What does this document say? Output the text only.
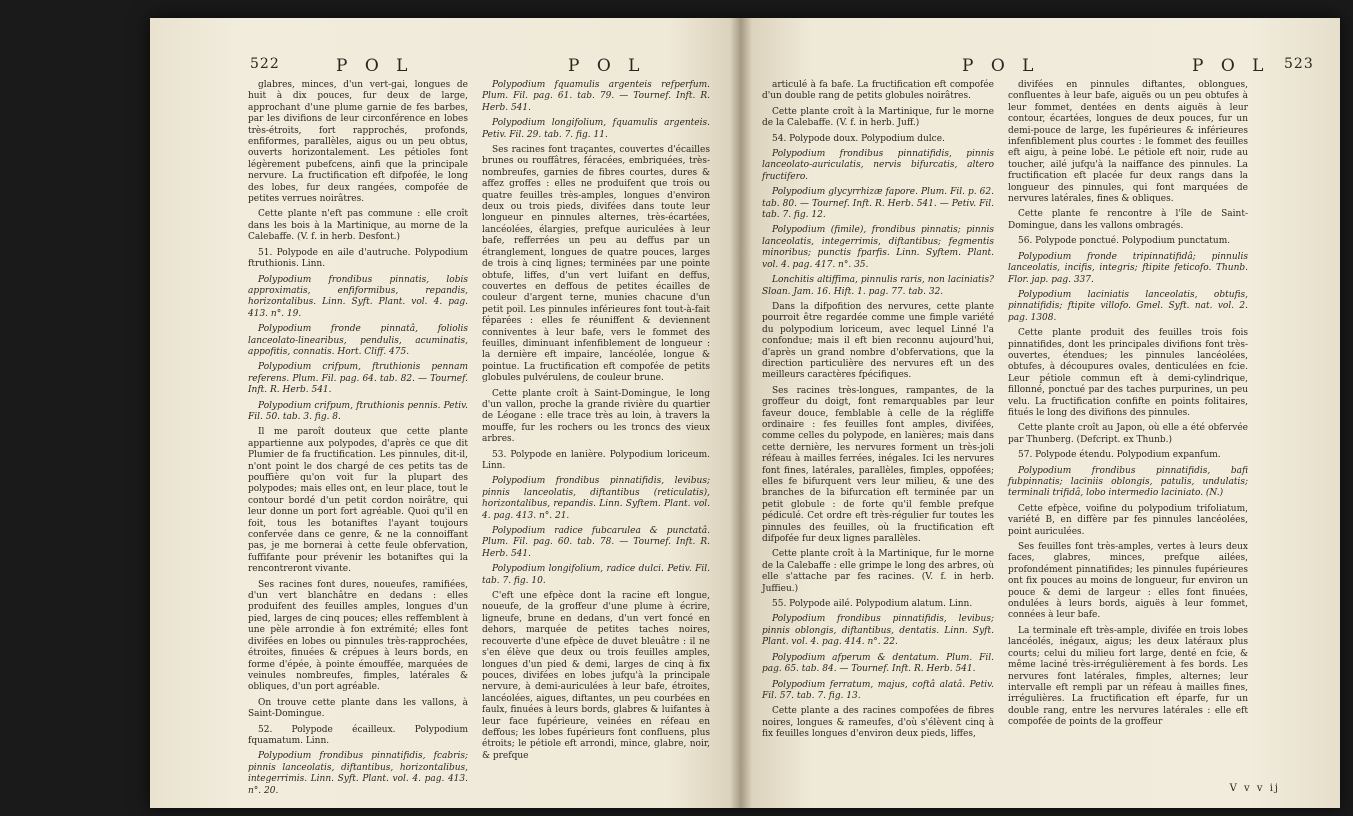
522	P O L	P O L

glabres, minces, d'un vert-gai, longues de huit à dix pouces, fur deux de large, approchant d'une plume garnie de fes barbes, par les divifions de leur circonférence en lobes très-étroits, fort rapprochés, profonds, enfiformes, parallèles, aigus ou un peu obtus, ouverts horizontalement. Les pétioles font légèrement pubefcens, ainfi que la principale nervure. La fructification eft difpofée, le long des lobes, fur deux rangées, compofée de petites verrues noirâtres.

Cette plante n'eft pas commune : elle croît dans les bois à la Martinique, au morne de la Calebaffe. (V. f. in herb. Desfont.)

51. Polypode en aile d'autruche. Polypodium ftruthionis. Linn.

Polypodium frondibus pinnatis, lobis approximatis, enfiformibus, repandis, horizontalibus. Linn. Syft. Plant. vol. 4. pag. 413. n°. 19.

Polypodium fronde pinnatâ, foliolis lanceolato-linearibus, pendulis, acuminatis, appofitis, connatis. Hort. Cliff. 475.

Polypodium crifpum, ftruthionis pennam referens. Plum. Fil. pag. 64. tab. 82. — Tournef. Inft. R. Herb. 541.

Polypodium crifpum, ftruthionis pennis. Petiv. Fil. 50. tab. 3. fig. 8.

Il me paroît douteux que cette plante appartienne aux polypodes, d'après ce que dit Plumier de fa fructification. Les pinnules, dit-il, n'ont point le dos chargé de ces petits tas de pouffière qu'on voit fur la plupart des polypodes; mais elles ont, en leur place, tout le contour bordé d'un petit cordon noirâtre, qui leur donne un port fort agréable. Quoi qu'il en foit, tous les botaniftes l'ayant toujours confervée dans ce genre, & ne la connoiffant pas, je me bornerai à cette feule obfervation, fuffifante pour prévenir les botaniftes qui la rencontreront vivante.

Ses racines font dures, noueufes, ramifiées, d'un vert blanchâtre en dedans : elles produifent des feuilles amples, longues d'un pied, larges de cinq pouces; elles reffemblent à une pèle arrondie à fon extrémité; elles font divifées en lobes ou pinnules très-rapprochées, étroites, finuées & crépues à leurs bords, en forme d'épée, à pointe émouffée, marquées de veinules nombreufes, fimples, latérales & obliques, d'un port agréable.

On trouve cette plante dans les vallons, à Saint-Domingue.

52. Polypode écailleux. Polypodium fquamatum. Linn.

Polypodium frondibus pinnatifidis, fcabris; pinnis lanceolatis, diftantibus, horizontalibus, integerrimis. Linn. Syft. Plant. vol. 4. pag. 413. n°. 20.

Polypodium fquamulis argenteis refperfum. Plum. Fil. pag. 61. tab. 79. — Tournef. Inft. R. Herb. 541.

Polypodium longifolium, fquamulis argenteis. Petiv. Fil. 29. tab. 7. fig. 11.

Ses racines font traçantes, couvertes d'écailles brunes ou rouffâtres, féracées, embriquées, très-nombreufes, garnies de fibres courtes, dures & affez groffes : elles ne produifent que trois ou quatre feuilles très-amples, longues d'environ deux ou trois pieds, divifées dans toute leur longueur en pinnules alternes, très-écartées, lancéolées, élargies, prefque auriculées à leur bafe, refferrées un peu au deffus par un étranglement, longues de quatre pouces, larges de trois à cinq lignes; terminées par une pointe obtufe, liffes, d'un vert luifant en deffus, couvertes en deffous de petites écailles de couleur d'argent terne, munies chacune d'un petit poil. Les pinnules inférieures font tout-à-fait féparées : elles fe réuniffent & deviennent conniventes à leur bafe, vers le fommet des feuilles, diminuant infenfiblement de longueur : la dernière eft impaire, lancéolée, longue & pointue. La fructification eft compofée de petits globules pulvérulens, de couleur brune.

Cette plante croît à Saint-Domingue, le long d'un vallon, proche la grande rivière du quartier de Léogane : elle trace très au loin, à travers la mouffe, fur les rochers ou les troncs des vieux arbres.

53. Polypode en lanière. Polypodium loriceum. Linn.

Polypodium frondibus pinnatifidis, levibus; pinnis lanceolatis, diftantibus (reticulatis), horizontalibus, repandis. Linn. Syftem. Plant. vol. 4. pag. 413. n°. 21.

Polypodium radice fubcarulea & punctatâ. Plum. Fil. pag. 60. tab. 78. — Tournef. Inft. R. Herb. 541.

Polypodium longifolium, radice dulci. Petiv. Fil. tab. 7. fig. 10.

C'eft une efpèce dont la racine eft longue, noueufe, de la groffeur d'une plume à écrire, ligneufe, brune en dedans, d'un vert foncé en dehors, marquée de petites taches noires, recouverte d'une efpèce de duvet bleuâtre : il ne s'en élève que deux ou trois feuilles amples, longues d'un pied & demi, larges de cinq à fix pouces, divifées en lobes jufqu'à la principale nervure, à demi-auriculées à leur bafe, étroites, lancéolées, aigues, diftantes, un peu courbées en faulx, finuées à leurs bords, glabres & luifantes à leur face fupérieure, veinées en réfeau en deffous; les lobes fupérieurs font confluens, plus étroits; le pétiole eft arrondi, mince, glabre, noir, & prefque

P O L	P O L 523

articulé à fa bafe. La fructification eft compofée d'un double rang de petits globules noirâtres.

Cette plante croît à la Martinique, fur le morne de la Calebaffe. (V. f. in herb. Juff.)

54. Polypode doux. Polypodium dulce.

Polypodium frondibus pinnatifidis, pinnis lanceolato-auriculatis, nervis bifurcatis, altero fructifero.

Polypodium glycyrrhizæ fapore. Plum. Fil. p. 62. tab. 80. — Tournef. Inft. R. Herb. 541. — Petiv. Fil. tab. 7. fig. 12.

Polypodium (fimile), frondibus pinnatis; pinnis lanceolatis, integerrimis, diftantibus; fegmentis minoribus; punctis fparfis. Linn. Syftem. Plant. vol. 4. pag. 417. n°. 35.

Lonchitis altiffima, pinnulis raris, non laciniatis? Sloan. Jam. 16. Hift. 1. pag. 77. tab. 32.

Dans la difpofition des nervures, cette plante pourroit être regardée comme une fimple variété du polypodium loriceum, avec lequel Linné l'a confondue; mais il eft bien reconnu aujourd'hui, d'après un grand nombre d'obfervations, que la direction particulière des nervures eft un des meilleurs caractères fpécifiques.

Ses racines très-longues, rampantes, de la groffeur du doigt, font remarquables par leur faveur douce, femblable à celle de la régliffe ordinaire : fes feuilles font amples, divifées, comme celles du polypode, en lanières; mais dans cette dernière, les nervures forment un très-joli réfeau à mailles ferrées, inégales. Ici les nervures font fines, latérales, parallèles, fimples, oppofées; elles fe bifurquent vers leur milieu, & une des branches de la bifurcation eft terminée par un petit globule : de forte qu'il femble prefque pédiculé. Cet ordre eft très-régulier fur toutes les pinnules des feuilles, où la fructification eft difpofée fur deux lignes parallèles.

Cette plante croît à la Martinique, fur le morne de la Calebaffe : elle grimpe le long des arbres, où elle s'attache par fes racines. (V. f. in herb. Juffieu.)

55. Polypode ailé. Polypodium alatum. Linn.

Polypodium frondibus pinnatifidis, levibus; pinnis oblongis, diftantibus, dentatis. Linn. Syft. Plant. vol. 4. pag. 414. n°. 22.

Polypodium afperum & dentatum. Plum. Fil. pag. 65. tab. 84. — Tournef. Inft. R. Herb. 541.

Polypodium ferratum, majus, coftâ alatâ. Petiv. Fil. 57. tab. 7. fig. 13.

Cette plante a des racines compofées de fibres noires, longues & rameufes, d'où s'élèvent cinq à fix feuilles longues d'environ deux pieds, liffes,

divifées en pinnules diftantes, oblongues, confluentes à leur bafe, aiguës ou un peu obtufes à leur fommet, dentées en dents aiguës à leur contour, écartées, longues de deux pouces, fur un demi-pouce de large, les fupérieures & inférieures infenfiblement plus courtes : le fommet des feuilles eft aigu, à peine lobé. Le pétiole eft noir, rude au toucher, ailé jufqu'à la naiffance des pinnules. La fructification eft placée fur deux rangs dans la longueur des pinnules, qui font marquées de nervures latérales, fines & obliques.

Cette plante fe rencontre à l'île de Saint-Domingue, dans les vallons ombragés.

56. Polypode ponctué. Polypodium punctatum.

Polypodium fronde tripinnatifidâ; pinnulis lanceolatis, incifis, integris; ftipite feticofo. Thunb. Flor. jap. pag. 337.

Polypodium laciniatis lanceolatis, obtufis, pinnatifidis; ftipite villofo. Gmel. Syft. nat. vol. 2. pag. 1308.

Cette plante produit des feuilles trois fois pinnatifides, dont les principales divifions font très-ouvertes, étendues; les pinnules lancéolées, obtufes, à découpures ovales, denticulées en fcie. Leur pétiole commun eft à demi-cylindrique, fillonné, ponctué par des taches purpurines, un peu velu. La fructification confifte en points folitaires, fitués le long des divifions des pinnules.

Cette plante croît au Japon, où elle a été obfervée par Thunberg. (Defcript. ex Thunb.)

57. Polypode étendu. Polypodium expanfum.

Polypodium frondibus pinnatifidis, bafi fubpinnatis; laciniis oblongis, patulis, undulatis; terminali trifidâ, lobo intermedio laciniato. (N.)

Cette efpèce, voifine du polypodium trifoliatum, variété B, en diffère par fes pinnules lancéolées, point auriculées.

Ses feuilles font très-amples, vertes à leurs deux faces, glabres, minces, prefque ailées, profondément pinnatifides; les pinnules fupérieures ont fix pouces au moins de longueur, fur environ un pouce & demi de largeur : elles font finuées, ondulées à leurs bords, aiguës à leur fommet, connées à leur bafe.

La terminale eft très-ample, divifée en trois lobes lancéolés, inégaux, aigus; les deux latéraux plus courts; celui du milieu fort large, denté en fcie, & même laciné très-irrégulièrement à fes bords. Les nervures font latérales, fimples, alternes; leur intervalle eft rempli par un réfeau à mailles fines, irrégulières. La fructification eft éparfe, fur un double rang, entre les nervures latérales : elle eft compofée de points de la groffeur

V v v ij
